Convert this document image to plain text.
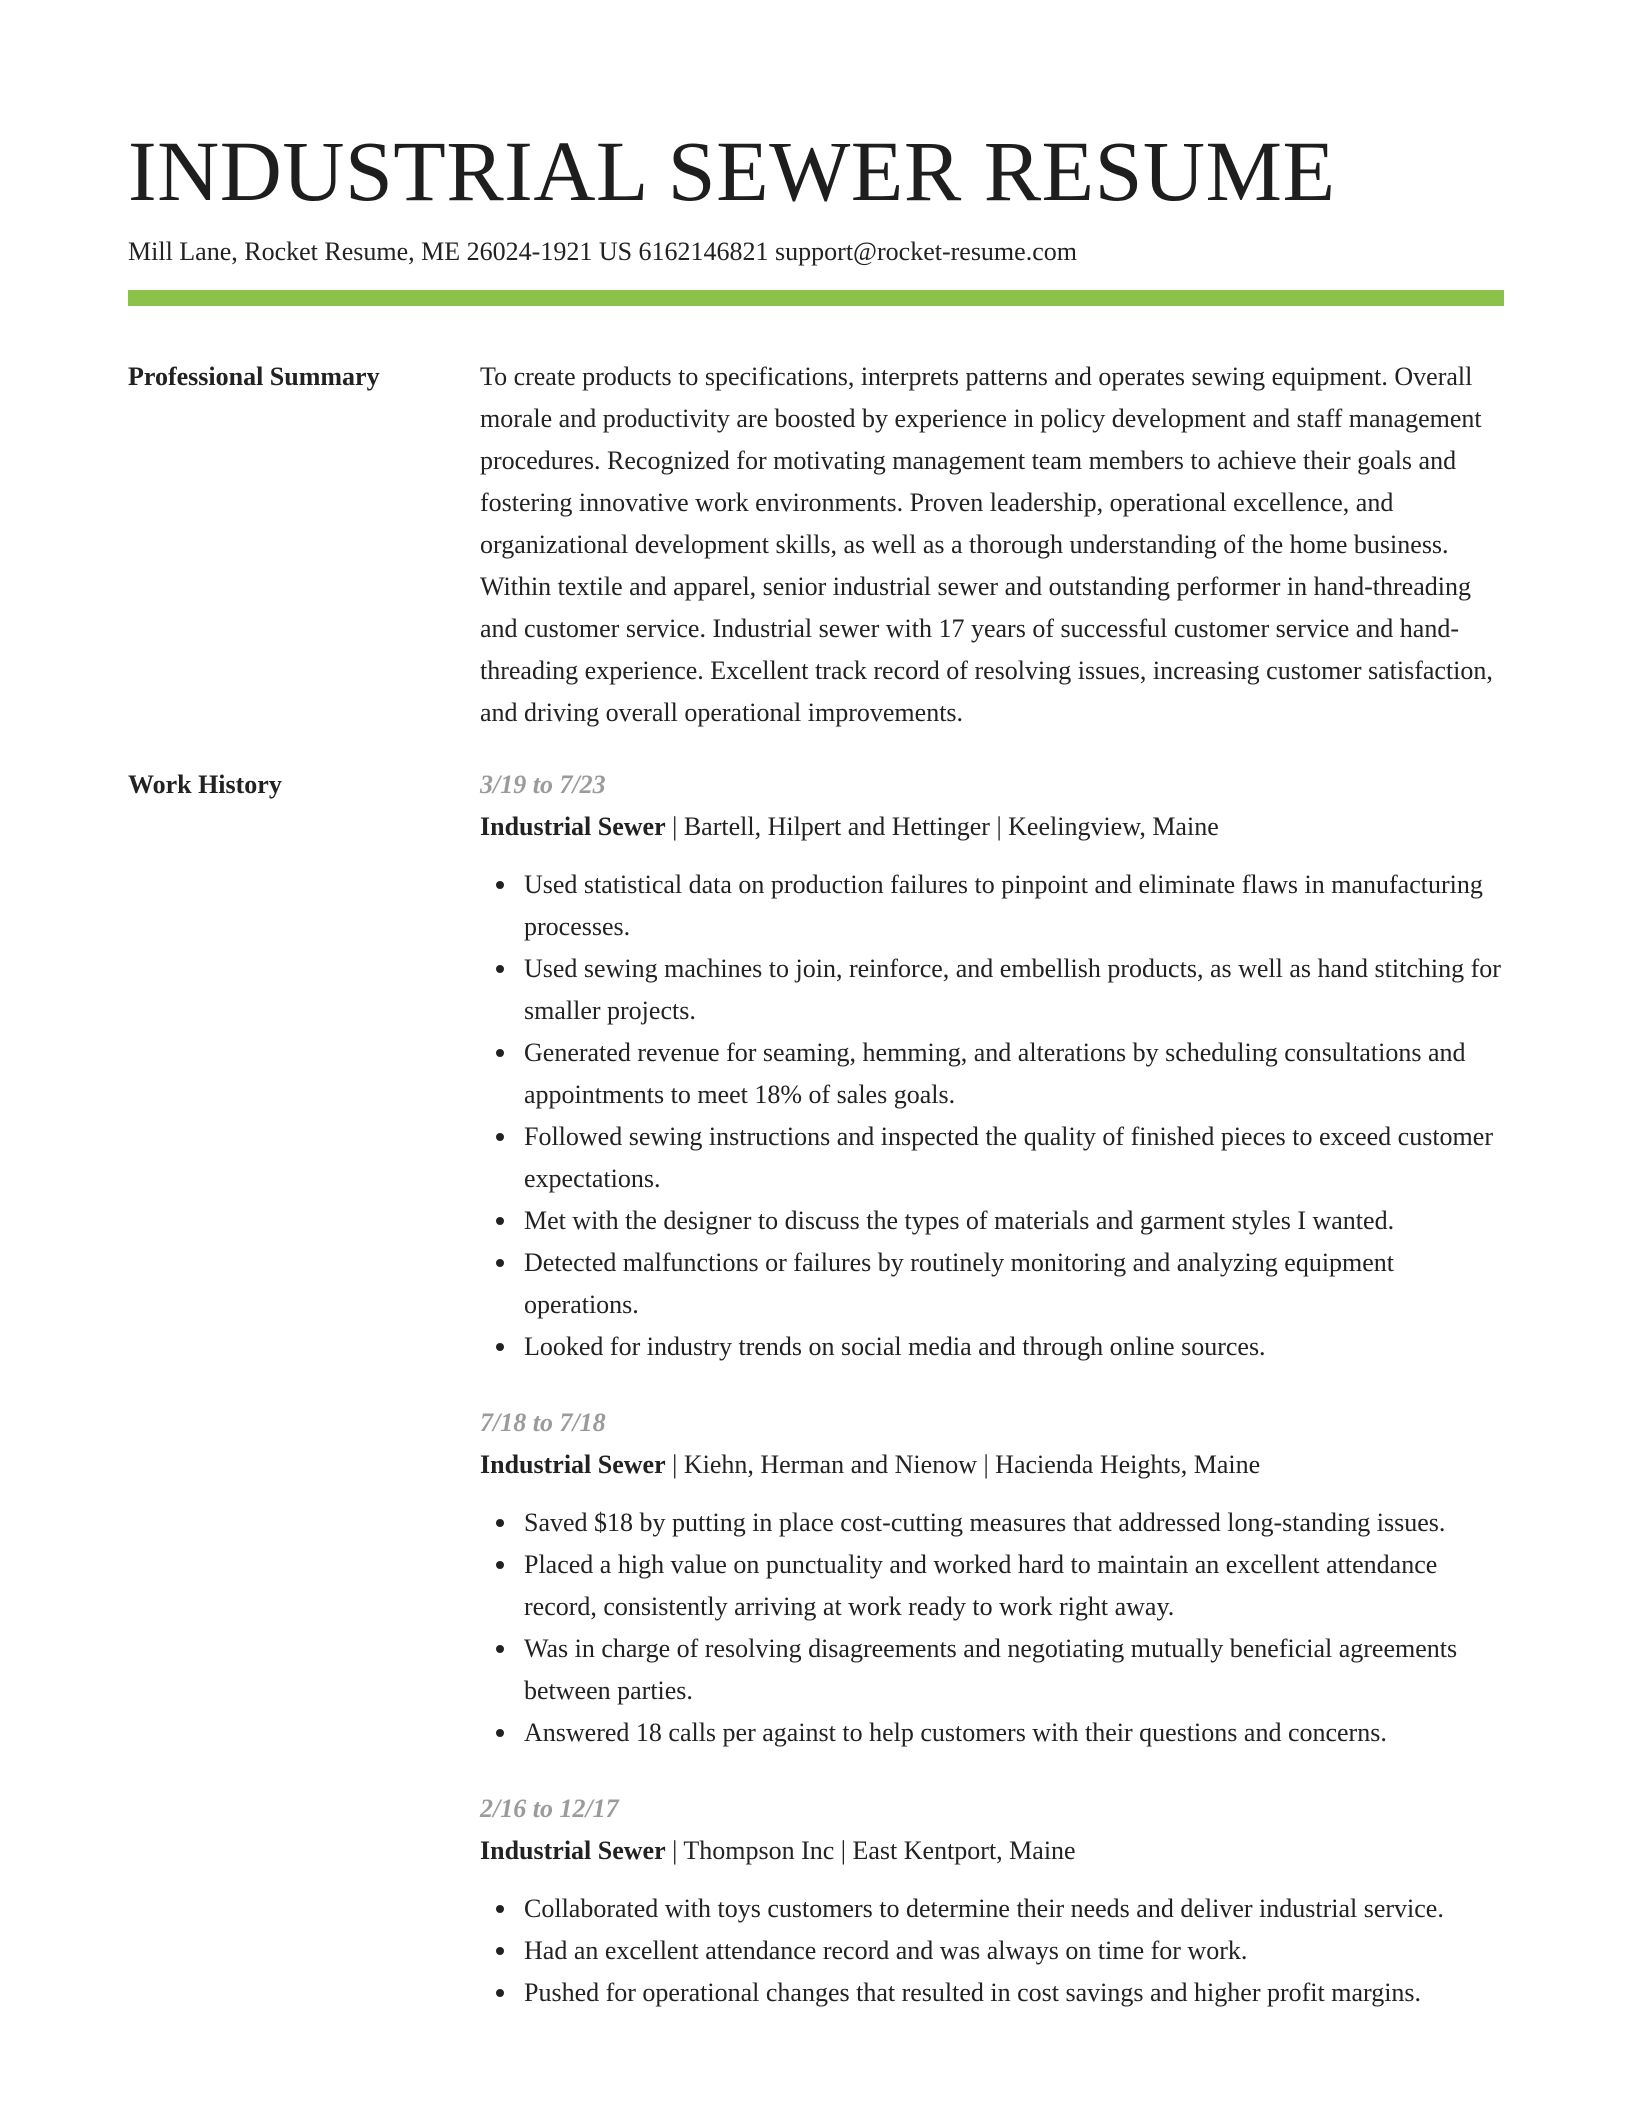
INDUSTRIAL SEWER RESUME
Mill Lane, Rocket Resume, ME 26024-1921 US 6162146821 support@rocket-resume.com
Professional Summary	To create products to specifications, interprets patterns and operates sewing equipment. Overall morale and productivity are boosted by experience in policy development and staff management procedures. Recognized for motivating management team members to achieve their goals and fostering innovative work environments. Proven leadership, operational excellence, and organizational development skills, as well as a thorough understanding of the home business. Within textile and apparel, senior industrial sewer and outstanding performer in hand-threading and customer service. Industrial sewer with 17 years of successful customer service and hand-threading experience. Excellent track record of resolving issues, increasing customer satisfaction, and driving overall operational improvements.

Work History	3/19 to 7/23
Industrial Sewer | Bartell, Hilpert and Hettinger | Keelingview, Maine
Used statistical data on production failures to pinpoint and eliminate flaws in manufacturing processes.
Used sewing machines to join, reinforce, and embellish products, as well as hand stitching for smaller projects.
Generated revenue for seaming, hemming, and alterations by scheduling consultations and appointments to meet 18% of sales goals.
Followed sewing instructions and inspected the quality of finished pieces to exceed customer expectations.
Met with the designer to discuss the types of materials and garment styles I wanted.
Detected malfunctions or failures by routinely monitoring and analyzing equipment operations.
Looked for industry trends on social media and through online sources.
7/18 to 7/18
Industrial Sewer | Kiehn, Herman and Nienow | Hacienda Heights, Maine
Saved $18 by putting in place cost-cutting measures that addressed long-standing issues.
Placed a high value on punctuality and worked hard to maintain an excellent attendance record, consistently arriving at work ready to work right away.
Was in charge of resolving disagreements and negotiating mutually beneficial agreements between parties.
Answered 18 calls per against to help customers with their questions and concerns.
2/16 to 12/17
Industrial Sewer | Thompson Inc | East Kentport, Maine
Collaborated with toys customers to determine their needs and deliver industrial service.
Had an excellent attendance record and was always on time for work.
Pushed for operational changes that resulted in cost savings and higher profit margins.
